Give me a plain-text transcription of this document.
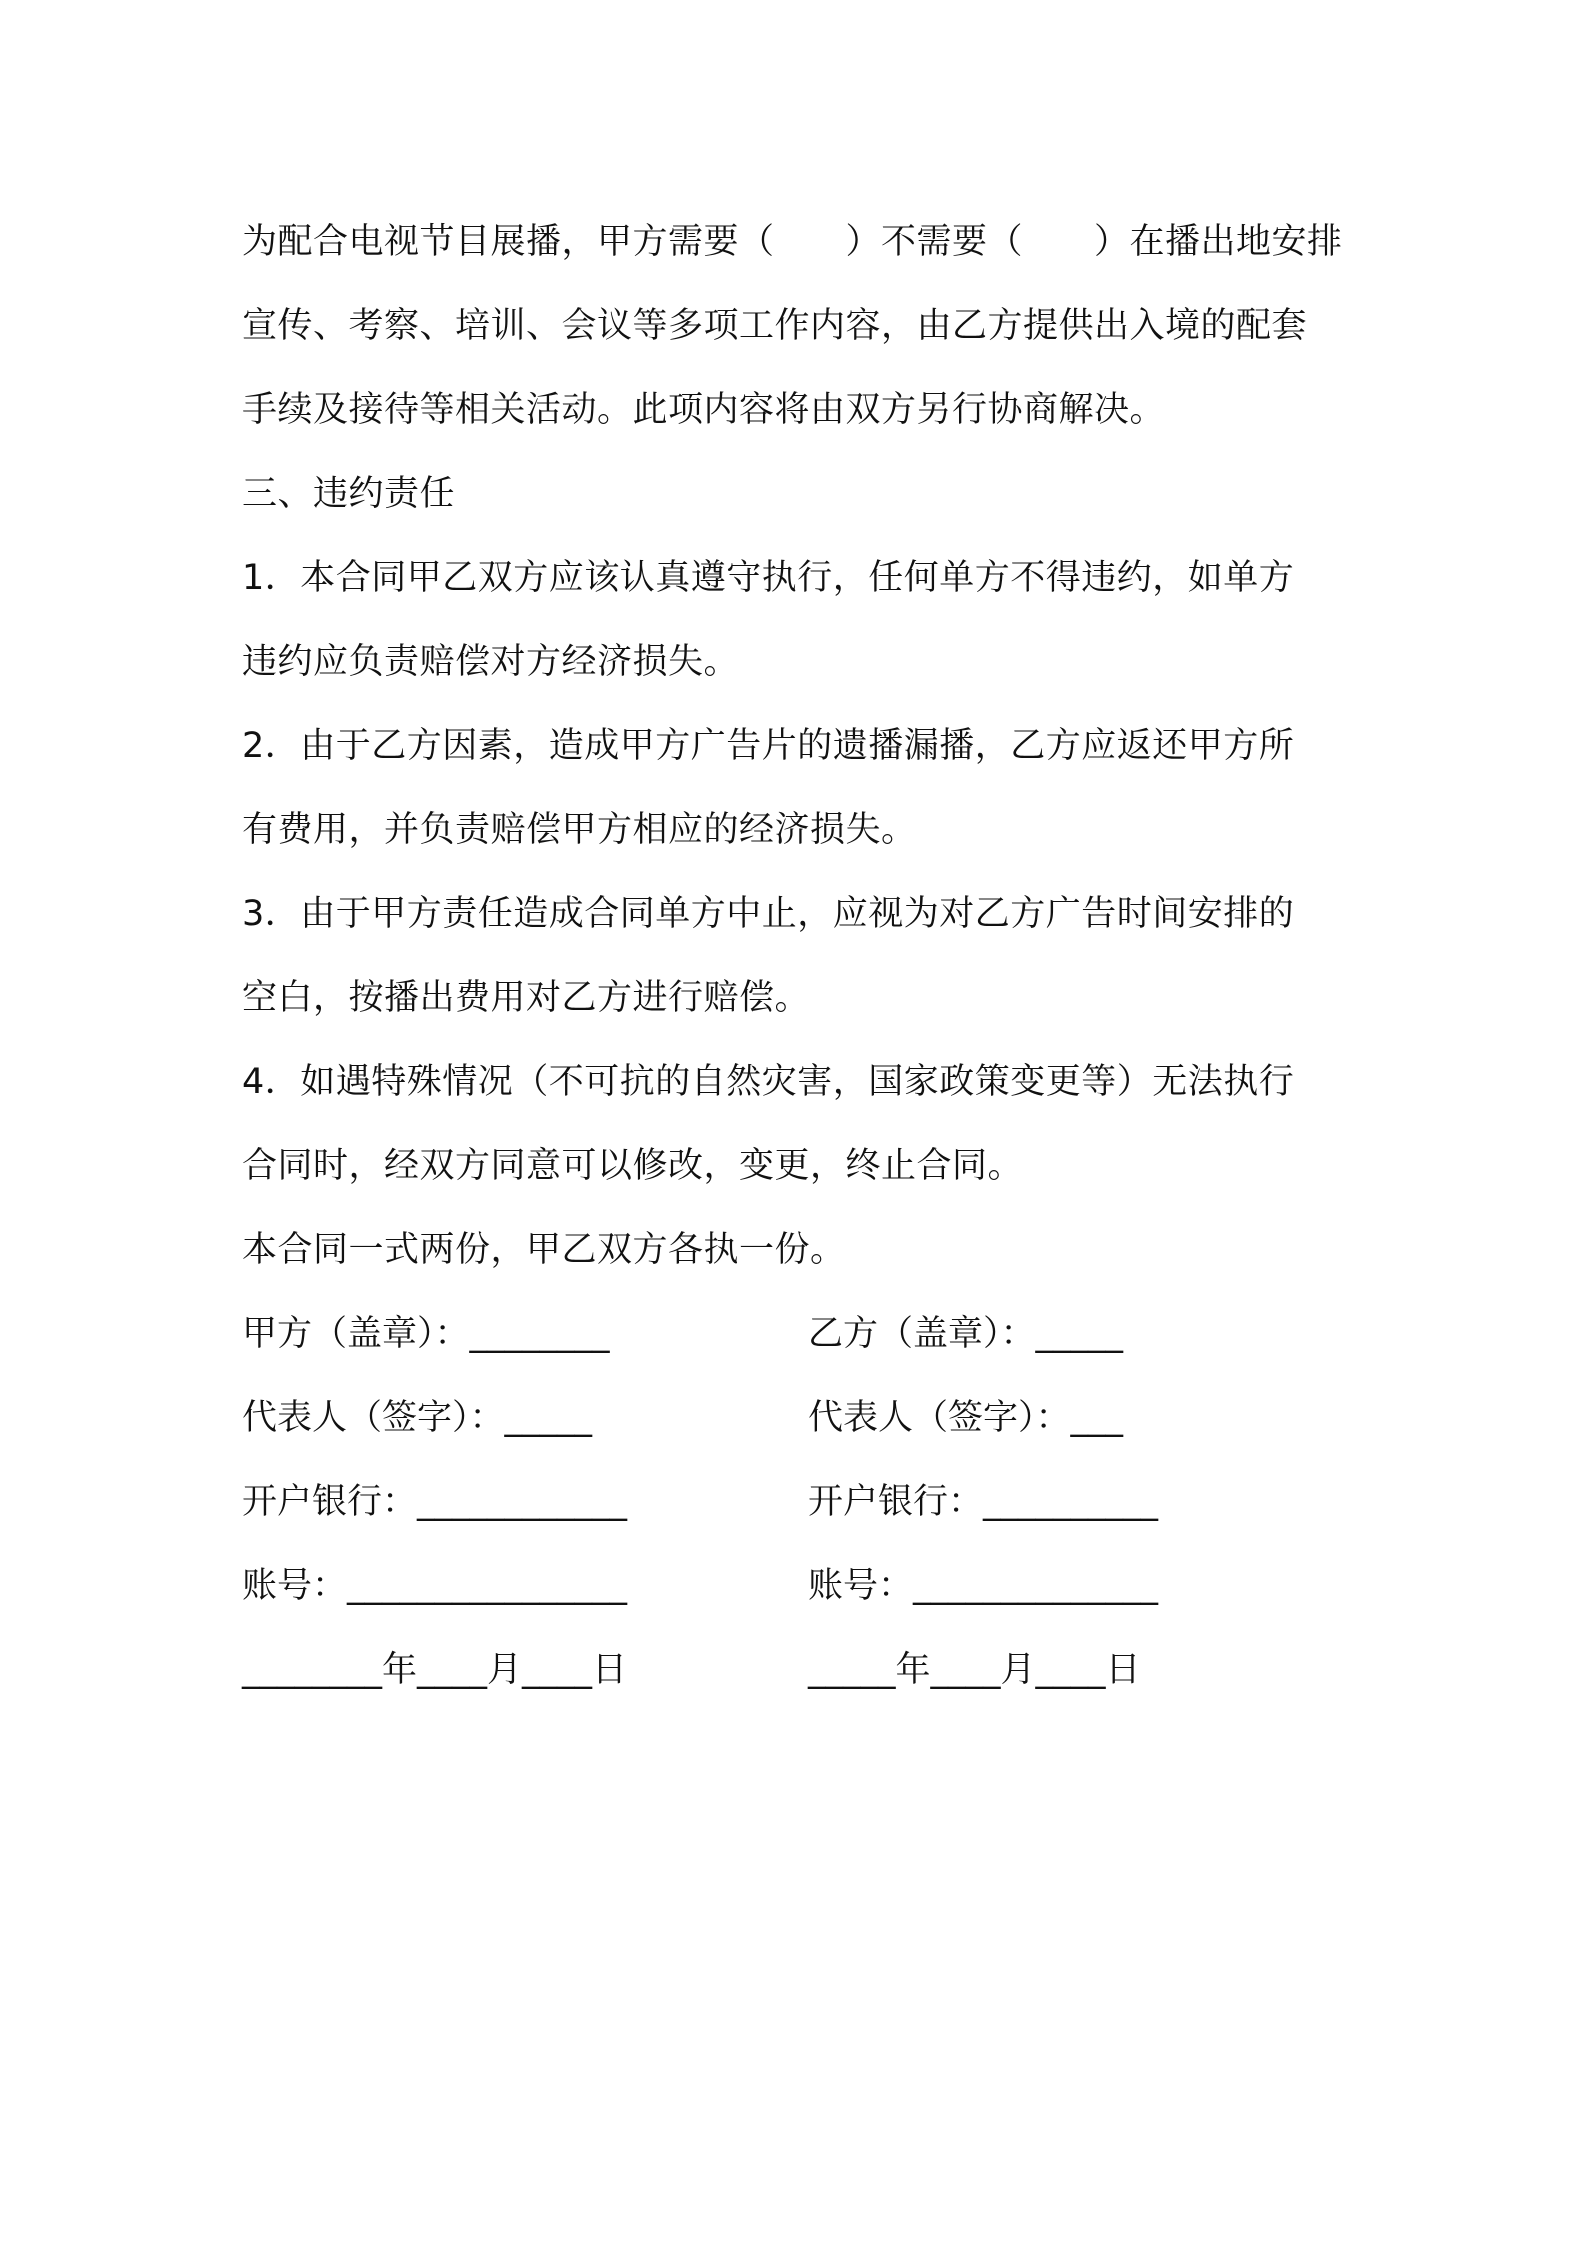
为配合电视节目展播，甲方需要（　　）不需要（　　）在播出地安排
宣传、考察、培训、会议等多项工作内容，由乙方提供出入境的配套
手续及接待等相关活动。此项内容将由双方另行协商解决。
三、违约责任
1．本合同甲乙双方应该认真遵守执行，任何单方不得违约，如单方
违约应负责赔偿对方经济损失。
2．由于乙方因素，造成甲方广告片的遗播漏播，乙方应返还甲方所
有费用，并负责赔偿甲方相应的经济损失。
3．由于甲方责任造成合同单方中止，应视为对乙方广告时间安排的
空白，按播出费用对乙方进行赔偿。
4．如遇特殊情况（不可抗的自然灾害，国家政策变更等）无法执行
合同时，经双方同意可以修改，变更，终止合同。
本合同一式两份，甲乙双方各执一份。
甲方（盖章）：________	乙方（盖章）：_____
代表人（签字）：_____	代表人（签字）：___
开户银行：____________	开户银行：__________
账号：________________	账号：______________
________年____月____日	_____年____月____日
